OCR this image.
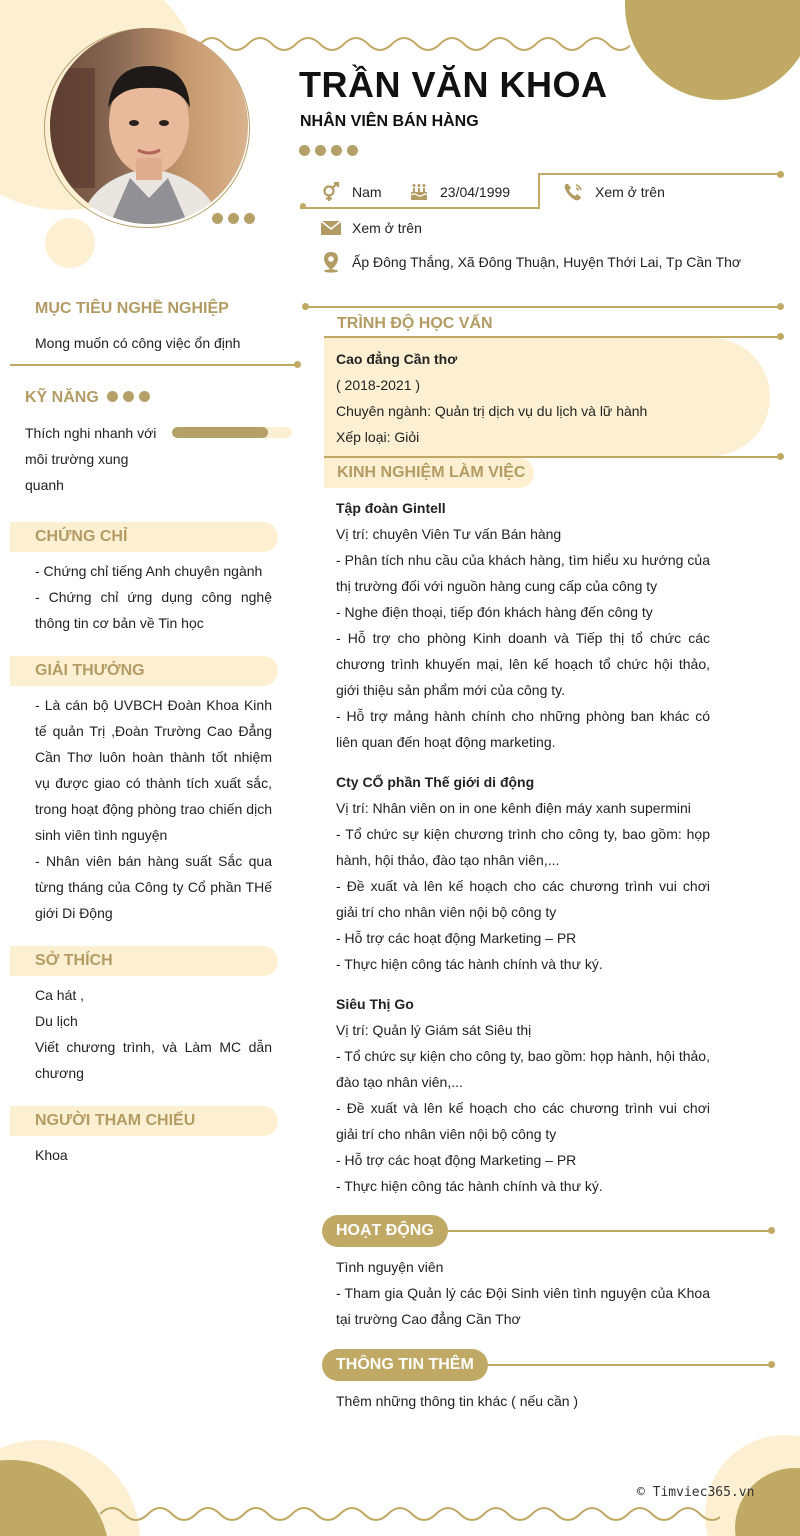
TRẦN VĂN KHOA
NHÂN VIÊN BÁN HÀNG
Nam	23/04/1999	Xem ở trên
Xem ở trên
Ấp Đông Thắng, Xã Đông Thuận, Huyện Thới Lai, Tp Cần Thơ
MỤC TIÊU NGHỀ NGHIỆP
Mong muốn có công việc ổn định
KỸ NĂNG
Thích nghi nhanh với
môi trường xung
quanh
CHỨNG CHỈ
- Chứng chỉ tiếng Anh chuyên ngành
- Chứng chỉ ứng dụng công nghệ thông tin cơ bản về Tin học
GIẢI THƯỞNG
- Là cán bộ UVBCH Đoàn Khoa Kinh tế quản Trị ,Đoàn Trường Cao Đẳng Cần Thơ luôn hoàn thành tốt nhiệm vụ được giao có thành tích xuất sắc, trong hoạt động phòng trao chiến dịch sinh viên tình nguyện
- Nhân viên bán hàng suất Sắc qua từng tháng của Công ty Cổ phần THế giới Di Động
SỞ THÍCH
Ca hát ,
Du lịch
Viết chương trình, và Làm MC dẫn chương
NGƯỜI THAM CHIẾU
Khoa
TRÌNH ĐỘ HỌC VẤN
Cao đẳng Cần thơ
( 2018-2021 )
Chuyên ngành: Quản trị dịch vụ du lịch và lữ hành
Xếp loại: Giỏi
KINH NGHIỆM LÀM VIỆC
Tập đoàn Gintell
Vị trí: chuyên Viên Tư vấn Bán hàng
- Phân tích nhu cầu của khách hàng, tìm hiểu xu hướng của thị trường đối với nguồn hàng cung cấp của công ty
- Nghe điện thoại, tiếp đón khách hàng đến công ty
- Hỗ trợ cho phòng Kinh doanh và Tiếp thị tổ chức các chương trình khuyến mại, lên kế hoạch tổ chức hội thảo, giới thiệu sản phẩm mới của công ty.
- Hỗ trợ mảng hành chính cho những phòng ban khác có liên quan đến hoạt động marketing.
Cty CỔ phần Thế giới di động
Vị trí: Nhân viên on in one kênh điện máy xanh supermini
- Tổ chức sự kiện chương trình cho công ty, bao gồm: họp hành, hội thảo, đào tạo nhân viên,...
- Đề xuất và lên kế hoạch cho các chương trình vui chơi giải trí cho nhân viên nội bộ công ty
- Hỗ trợ các hoạt động Marketing – PR
- Thực hiện công tác hành chính và thư ký.
Siêu Thị Go
Vị trí: Quản lý Giám sát Siêu thị
- Tổ chức sự kiện cho công ty, bao gồm: họp hành, hội thảo, đào tạo nhân viên,...
- Đề xuất và lên kế hoạch cho các chương trình vui chơi giải trí cho nhân viên nội bộ công ty
- Hỗ trợ các hoạt động Marketing – PR
- Thực hiện công tác hành chính và thư ký.
HOẠT ĐỘNG
Tình nguyện viên
- Tham gia Quản lý các Đội Sinh viên tình nguyện của Khoa tại trường Cao đẳng Cần Thơ
THÔNG TIN THÊM
Thêm những thông tin khác ( nếu cần )
© Timviec365.vn
